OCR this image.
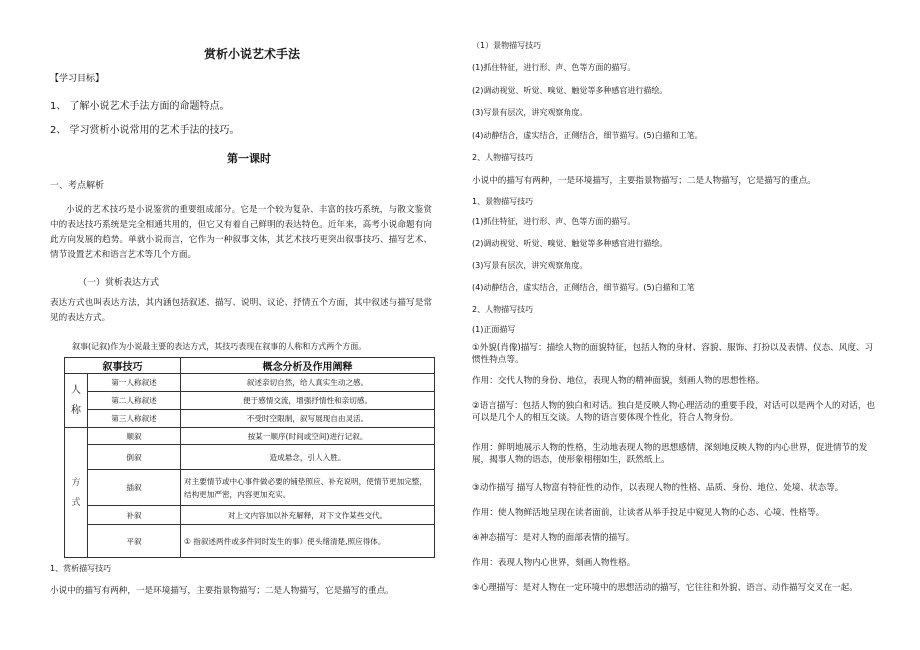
赏析小说艺术手法
【学习目标】
1、 了解小说艺术手法方面的命题特点。
2、 学习赏析小说常用的艺术手法的技巧。
第一课时
一、考点解析
小说的艺术技巧是小说鉴赏的重要组成部分。它是一个较为复杂、丰富的技巧系统，与散文鉴赏中的表达技巧系统是完全相通共用的，但它又有着自己鲜明的表达特色。近年来，高考小说命题有向此方向发展的趋势。单就小说而言，它作为一种叙事文体，其艺术技巧更突出叙事技巧、描写艺术、情节设置艺术和语言艺术等几个方面。
（一）赏析表达方式
表达方式也叫表达方法，其内涵包括叙述、描写、说明、议论、抒情五个方面，其中叙述与描写是常见的表达方式。
叙事(记叙)作为小说最主要的表达方式，其技巧表现在叙事的人称和方式两个方面。
叙事技巧		概念分析及作用阐释

人称	第一人称叙述	叙述亲切自然，给人真实生动之感。
	第二人称叙述	便于感情交流，增强抒情性和亲切感。
	第三人称叙述	不受时空限制，叙写展现自由灵活。

方式	顺叙	按某一顺序(时间或空间)进行记叙。
	倒叙	造成悬念，引人入胜。
	插叙	对主要情节或中心事件做必要的铺垫照应、补充说明，使情节更加完整，结构更加严密，内容更加充实。
	补叙	对上文内容加以补充解释，对下文作某些交代。
	平叙	① 指叙述两件或多件同时发生的事）使头绪清楚,照应得体。
1、赏析描写技巧
小说中的描写有两种，一是环境描写，主要指景物描写；二是人物描写，它是描写的重点。
（1）景物描写技巧
(1)抓住特征，进行形、声、色等方面的描写。
(2)调动视觉、听觉、嗅觉、触觉等多种感官进行描绘。
(3)写景有层次，讲究观察角度。
(4)动静结合，虚实结合，正侧结合，细节描写。(5)白描和工笔。
2、人物描写技巧
小说中的描写有两种，一是环境描写，主要指景物描写；二是人物描写，它是描写的重点。
1、景物描写技巧
(1)抓住特征，进行形、声、色等方面的描写。
(2)调动视觉、听觉、嗅觉、触觉等多种感官进行描绘。
(3)写景有层次，讲究观察角度。
(4)动静结合，虚实结合，正侧结合，细节描写。(5)白描和工笔
2、人物描写技巧
(1)正面描写
①外貌(肖像)描写：描绘人物的面貌特征，包括人物的身材、容貌、服饰、打扮以及表情、仪态、风度、习惯性特点等。
作用：交代人物的身份、地位，表现人物的精神面貌，刻画人物的思想性格。
②语言描写：包括人物的独白和对话。独白是反映人物心理活动的重要手段，对话可以是两个人的对话，也可以是几个人的相互交谈。人物的语言要体现个性化，符合人物身份。
作用：鲜明地展示人物的性格，生动地表现人物的思想感情，深刻地反映人物的内心世界，促进情节的发展，揭事人物的语态，使形象栩栩如生，跃然纸上。
③动作描写 描写人物富有特征性的动作，以表现人物的性格、品质、身份、地位、处境、状态等。
作用：使人物鲜活地呈现在读者面前，让读者从举手投足中窥见人物的心态、心境、性格等。
④神态描写：是对人物的面部表情的描写。
作用：表现人物内心世界，刻画人物性格。
⑤心理描写：是对人物在一定环境中的思想活动的描写，它往往和外貌、语言、动作描写交叉在一起。
